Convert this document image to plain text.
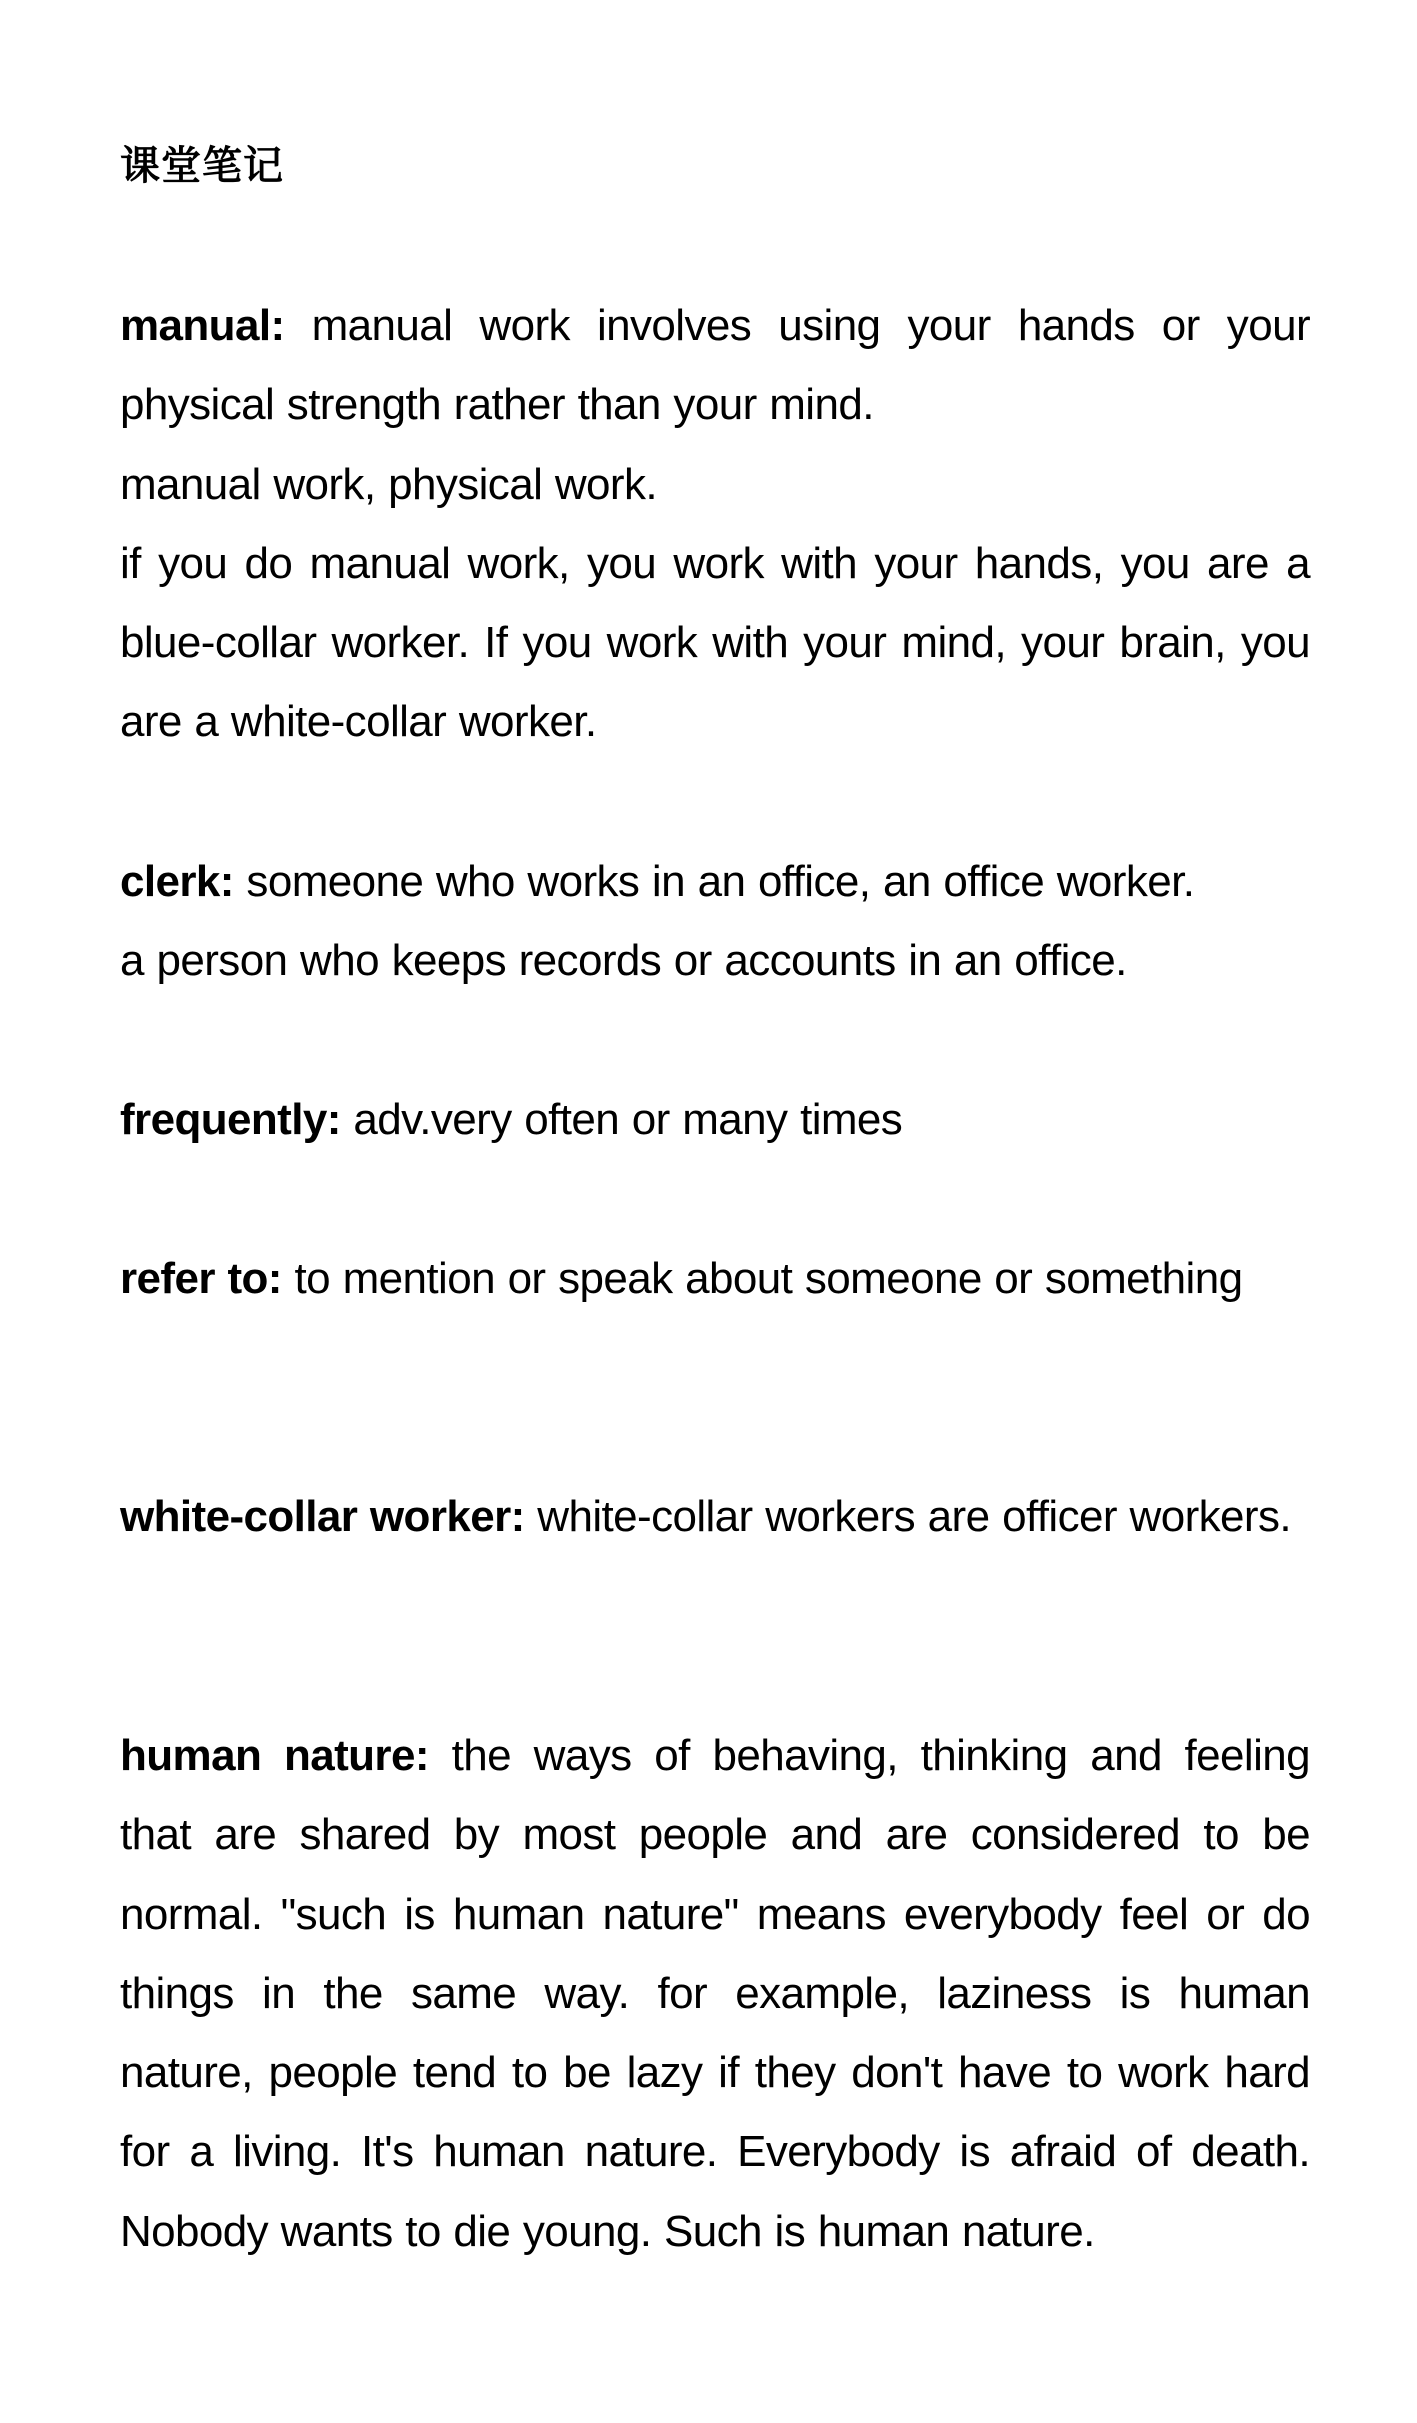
课堂笔记
manual: manual work involves using your hands or your physical strength rather than your mind.
manual work, physical work.
if you do manual work, you work with your hands, you are a blue-collar worker. If you work with your mind, your brain, you are a white-collar worker.
clerk: someone who works in an office, an office worker.
a person who keeps records or accounts in an office.
frequently: adv.very often or many times
refer to: to mention or speak about someone or something
white-collar worker: white-collar workers are officer workers.
human nature: the ways of behaving, thinking and feeling that are shared by most people and are considered to be normal. "such is human nature" means everybody feel or do things in the same way. for example, laziness is human nature, people tend to be lazy if they don't have to work hard for a living. It's human nature. Everybody is afraid of death. Nobody wants to die young. Such is human nature.
